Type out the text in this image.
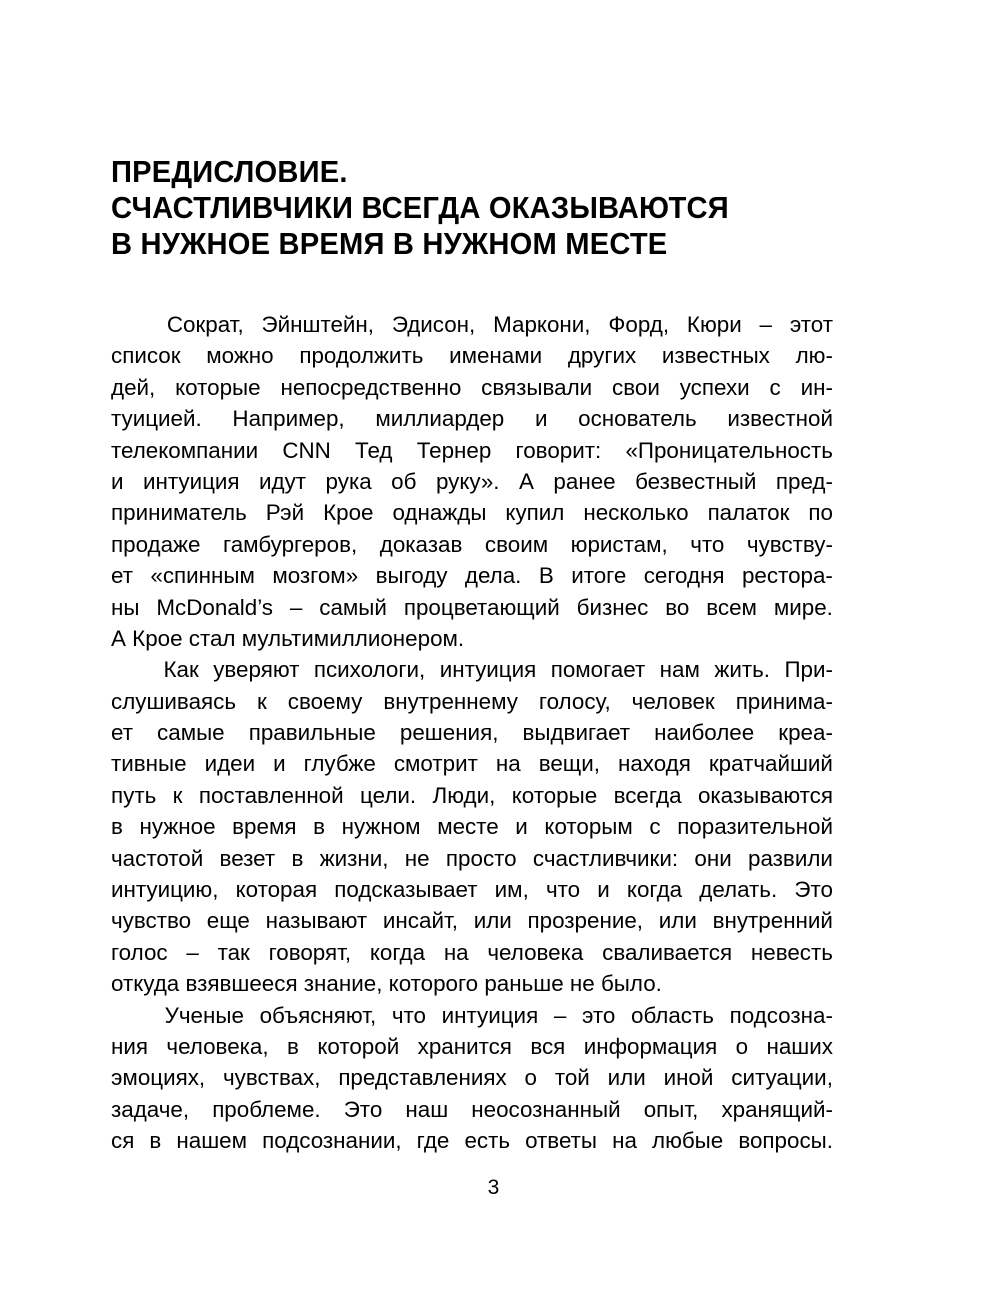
ПРЕДИСЛОВИЕ.
СЧАСТЛИВЧИКИ ВСЕГДА ОКАЗЫВАЮТСЯ
В НУЖНОЕ ВРЕМЯ В НУЖНОМ МЕСТЕ
Сократ, Эйнштейн, Эдисон, Маркони, Форд, Кюри – этот
список можно продолжить именами других известных лю-
дей, которые непосредственно связывали свои успехи с ин-
туицией. Например, миллиардер и основатель известной
телекомпании CNN Тед Тернер говорит: «Проницательность
и интуиция идут рука об руку». А ранее безвестный пред-
приниматель Рэй Крое однажды купил несколько палаток по
продаже гамбургеров, доказав своим юристам, что чувству-
ет «спинным мозгом» выгоду дела. В итоге сегодня рестора-
ны McDonald’s – самый процветающий бизнес во всем мире.
А Крое стал мультимиллионером.
Как уверяют психологи, интуиция помогает нам жить. При-
слушиваясь к своему внутреннему голосу, человек принима-
ет самые правильные решения, выдвигает наиболее креа-
тивные идеи и глубже смотрит на вещи, находя кратчайший
путь к поставленной цели. Люди, которые всегда оказываются
в нужное время в нужном месте и которым с поразительной
частотой везет в жизни, не просто счастливчики: они развили
интуицию, которая подсказывает им, что и когда делать. Это
чувство еще называют инсайт, или прозрение, или внутренний
голос – так говорят, когда на человека сваливается невесть
откуда взявшееся знание, которого раньше не было.
Ученые объясняют, что интуиция – это область подсозна-
ния человека, в которой хранится вся информация о наших
эмоциях, чувствах, представлениях о той или иной ситуации,
задаче, проблеме. Это наш неосознанный опыт, хранящий-
ся в нашем подсознании, где есть ответы на любые вопросы.
3
